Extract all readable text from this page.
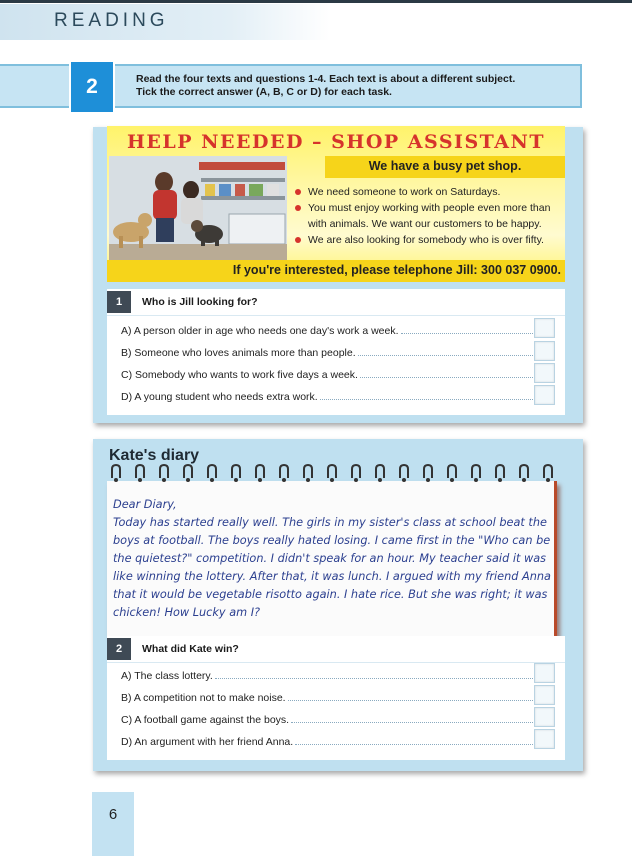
READING
2	Read the four texts and questions 1-4. Each text is about a different subject.
Tick the correct answer (A, B, C or D) for each task.
HELP NEEDED – SHOP ASSISTANT
We have a busy pet shop.
We need someone to work on Saturdays.
You must enjoy working with people even more than with animals. We want our customers to be happy.
We are also looking for somebody who is over fifty.
If you're interested, please telephone Jill: 300 037 0900.
1	Who is Jill looking for?
A) A person older in age who needs one day's work a week.
B) Someone who loves animals more than people.
C) Somebody who wants to work five days a week.
D) A young student who needs extra work.
Kate's diary

Dear Diary,

Today has started really well. The girls in my sister's class at school beat the boys at football. The boys really hated losing. I came first in the "Who can be the quietest?" competition. I didn't speak for an hour. My teacher said it was like winning the lottery. After that, it was lunch. I argued with my friend Anna that it would be vegetable risotto again. I hate rice. But she was right; it was chicken! How Lucky am I?

2	What did Kate win?
A) The class lottery.
B) A competition not to make noise.
C) A football game against the boys.
D) An argument with her friend Anna.
6
